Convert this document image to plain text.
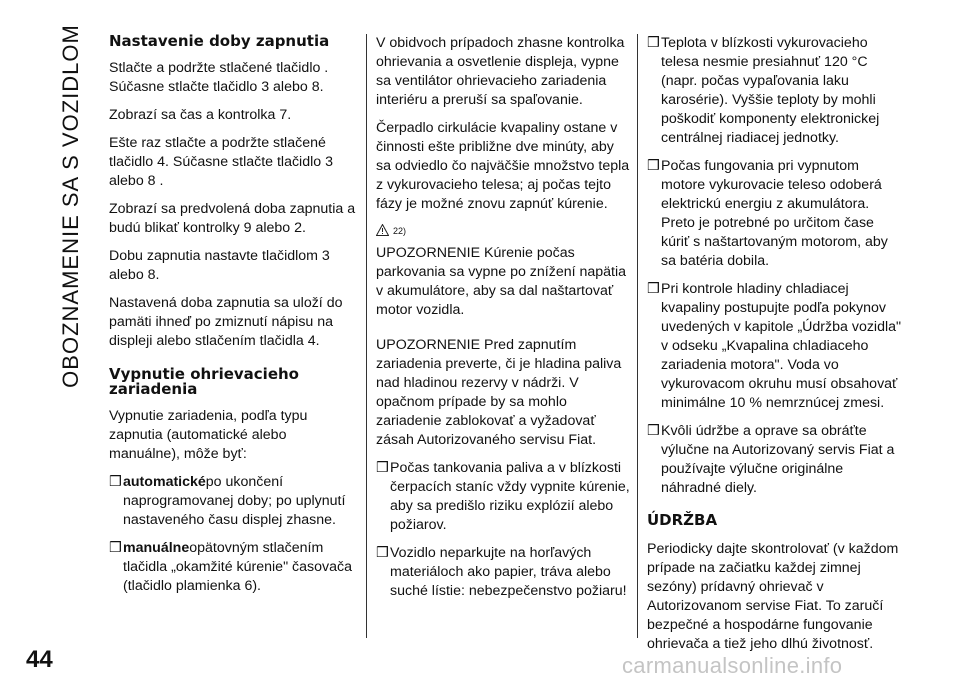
OBOZNAMENIE SA S VOZIDLOM Nastavenie doby zapnutia

Stlačte a podržte stlačené tlačidlo . Súčasne stlačte tlačidlo 3 alebo 8.

Zobrazí sa čas a kontrolka 7.

Ešte raz stlačte a podržte stlačené tlačidlo 4. Súčasne stlačte tlačidlo 3 alebo 8 .

Zobrazí sa predvolená doba zapnutia a budú blikať kontrolky 9 alebo 2.

Dobu zapnutia nastavte tlačidlom 3 alebo 8.

Nastavená doba zapnutia sa uloží do pamäti ihneď po zmiznutí nápisu na displeji alebo stlačením tlačidla 4.

Vypnutie ohrievacieho zariadenia

Vypnutie zariadenia, podľa typu zapnutia (automatické alebo manuálne), môže byť:

❒ automaticképo ukončení naprogramovanej doby; po uplynutí nastaveného času displej zhasne.
❒ manuálneopätovným stlačením tlačidla „okamžité kúrenie" časovača (tlačidlo plamienka 6).

V obidvoch prípadoch zhasne kontrolka ohrievania a osvetlenie displeja, vypne sa ventilátor ohrievacieho zariadenia interiéru a preruší sa spaľovanie.

Čerpadlo cirkulácie kvapaliny ostane v činnosti ešte približne dve minúty, aby sa odviedlo čo najväčšie množstvo tepla z vykurovacieho telesa; aj počas tejto fázy je možné znovu zapnúť kúrenie.

22)

UPOZORNENIE Kúrenie počas parkovania sa vypne po znížení napätia v akumulátore, aby sa dal naštartovať motor vozidla.

UPOZORNENIE Pred zapnutím zariadenia preverte, či je hladina paliva nad hladinou rezervy v nádrži. V opačnom prípade by sa mohlo zariadenie zablokovať a vyžadovať zásah Autorizovaného servisu Fiat.

❒ Počas tankovania paliva a v blízkosti čerpacích staníc vždy vypnite kúrenie, aby sa predišlo riziku explózií alebo požiarov.
❒ Vozidlo neparkujte na horľavých materiáloch ako papier, tráva alebo suché lístie: nebezpečenstvo požiaru!
❒ Teplota v blízkosti vykurovacieho telesa nesmie presiahnuť 120 °C (napr. počas vypaľovania laku karosérie). Vyššie teploty by mohli poškodiť komponenty elektronickej centrálnej riadiacej jednotky.
❒ Počas fungovania pri vypnutom motore vykurovacie teleso odoberá elektrickú energiu z akumulátora. Preto je potrebné po určitom čase kúriť s naštartovaným motorom, aby sa batéria dobila.
❒ Pri kontrole hladiny chladiacej kvapaliny postupujte podľa pokynov uvedených v kapitole „Údržba vozidla" v odseku „Kvapalina chladiaceho zariadenia motora". Voda vo vykurovacom okruhu musí obsahovať minimálne 10 % nemrznúcej zmesi.
❒ Kvôli údržbe a oprave sa obráťte výlučne na Autorizovaný servis Fiat a používajte výlučne originálne náhradné diely.
ÚDRŽBA

Periodicky dajte skontrolovať (v každom prípade na začiatku každej zimnej sezóny) prídavný ohrievač v Autorizovanom servise Fiat. To zaručí bezpečné a hospodárne fungovanie ohrievača a tiež jeho dlhú životnosť.

44	carmanualsonline.info
